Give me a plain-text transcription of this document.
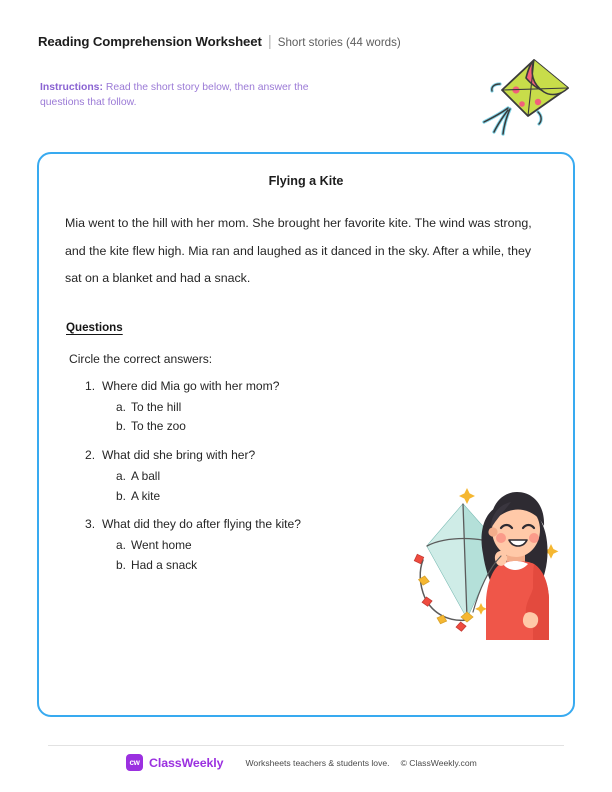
Reading Comprehension Worksheet | Short stories (44 words)
Instructions: Read the short story below, then answer the questions that follow.
Flying a Kite
Mia went to the hill with her mom. She brought her favorite kite. The wind was strong, and the kite flew high. Mia ran and laughed as it danced in the sky. After a while, they sat on a blanket and had a snack.
Questions
Circle the correct answers:
1. Where did Mia go with her mom?
a. To the hill
b. To the zoo
2. What did she bring with her?
a. A ball
b. A kite
3. What did they do after flying the kite?
a. Went home
b. Had a snack
cw ClassWeekly	Worksheets teachers & students love. © ClassWeekly.com
